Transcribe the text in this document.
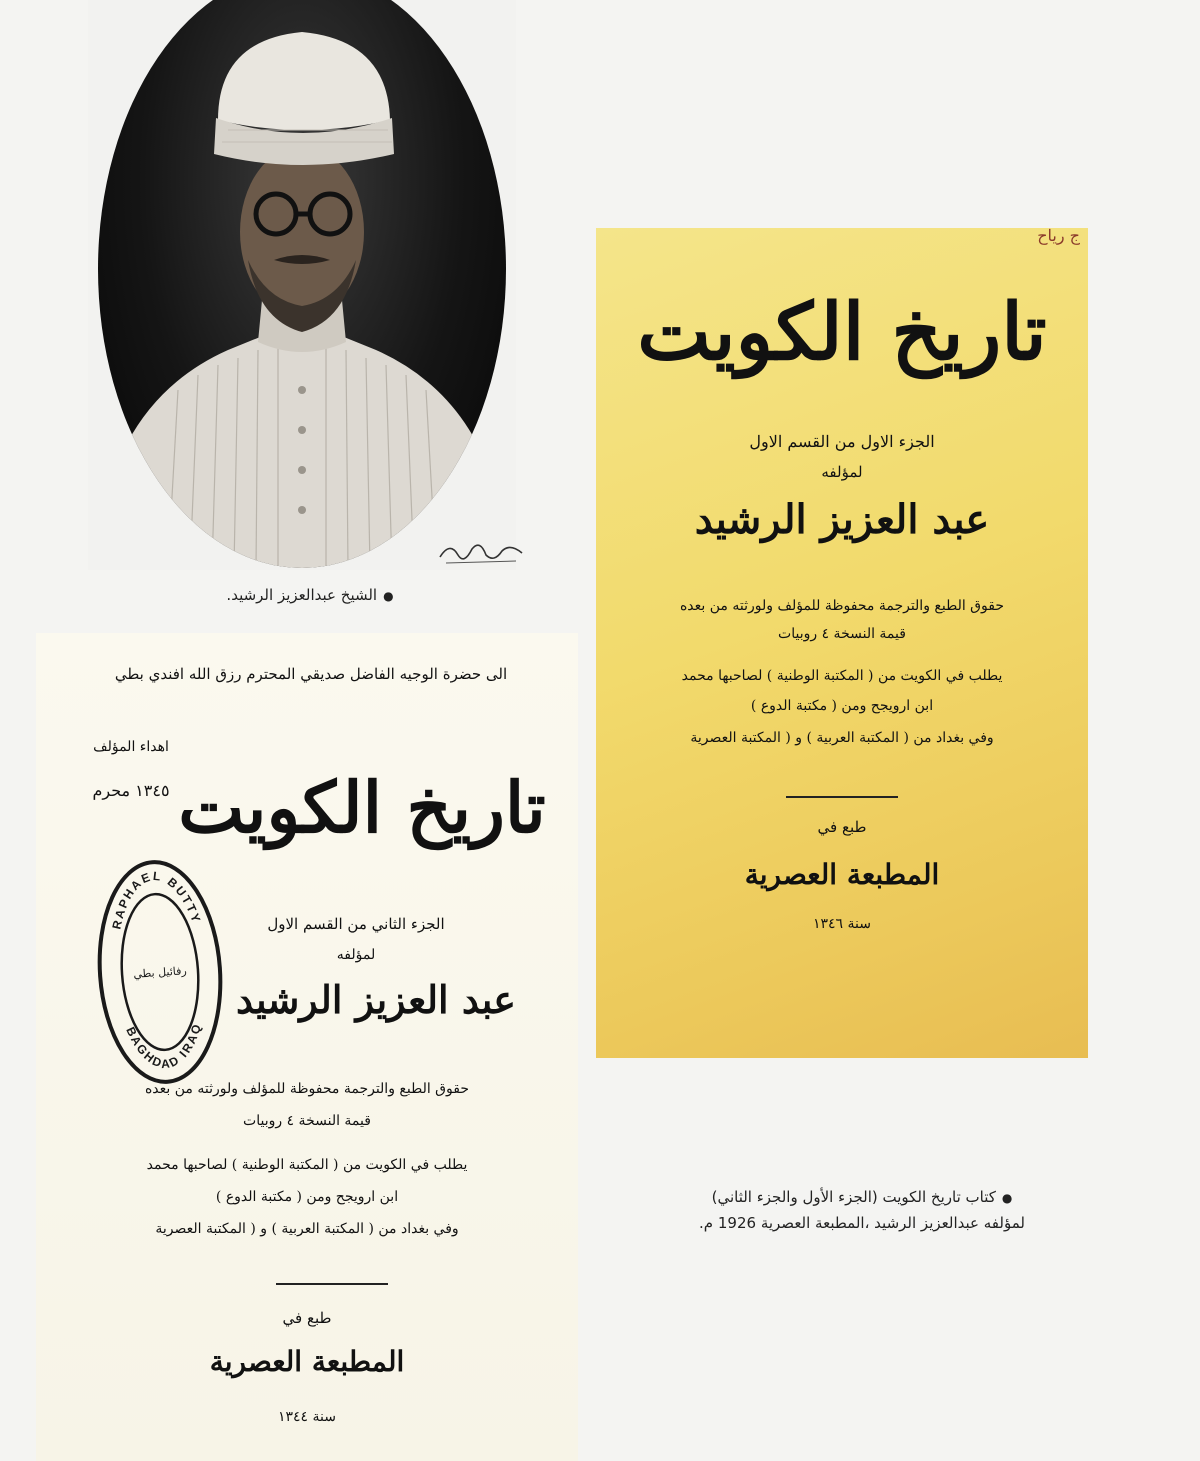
●الشيخ عبدالعزيز الرشيد.
ج رياح
تاريخ الكويت
الجزء الاول من القسم الاول
لمؤلفه
عبد العزيز الرشيد
حقوق الطبع والترجمة محفوظة للمؤلف ولورثته من بعده
قيمة النسخة ٤ روبيات
يطلب في الكويت من ( المكتبة الوطنية ) لصاحبها محمد
ابن ارويجح ومن ( مكتبة الدوع )
وفي بغداد من ( المكتبة العربية ) و ( المكتبة العصرية
طبع في
المطبعة العصرية
سنة ١٣٤٦
الى حضرة الوجيه الفاضل صديقي المحترم رزق الله افندي بطي
اهداء المؤلف
١٣٤٥ محرم تاريخ الكويت
الجزء الثاني من القسم الاول
لمؤلفه
عبد العزيز الرشيد
حقوق الطبع والترجمة محفوظة للمؤلف ولورثته من بعده
قيمة النسخة ٤ روبيات
يطلب في الكويت من ( المكتبة الوطنية ) لصاحبها محمد
ابن ارويجح ومن ( مكتبة الدوع )
وفي بغداد من ( المكتبة العربية ) و ( المكتبة العصرية
طبع في
المطبعة العصرية
سنة ١٣٤٤
RAPHAEL BUTTY
BAGHDAD IRAQ
رفائيل بطي
●كتاب تاريخ الكويت (الجزء الأول والجزء الثاني)
لمؤلفه عبدالعزيز الرشيد ،المطبعة العصرية 1926 م.
